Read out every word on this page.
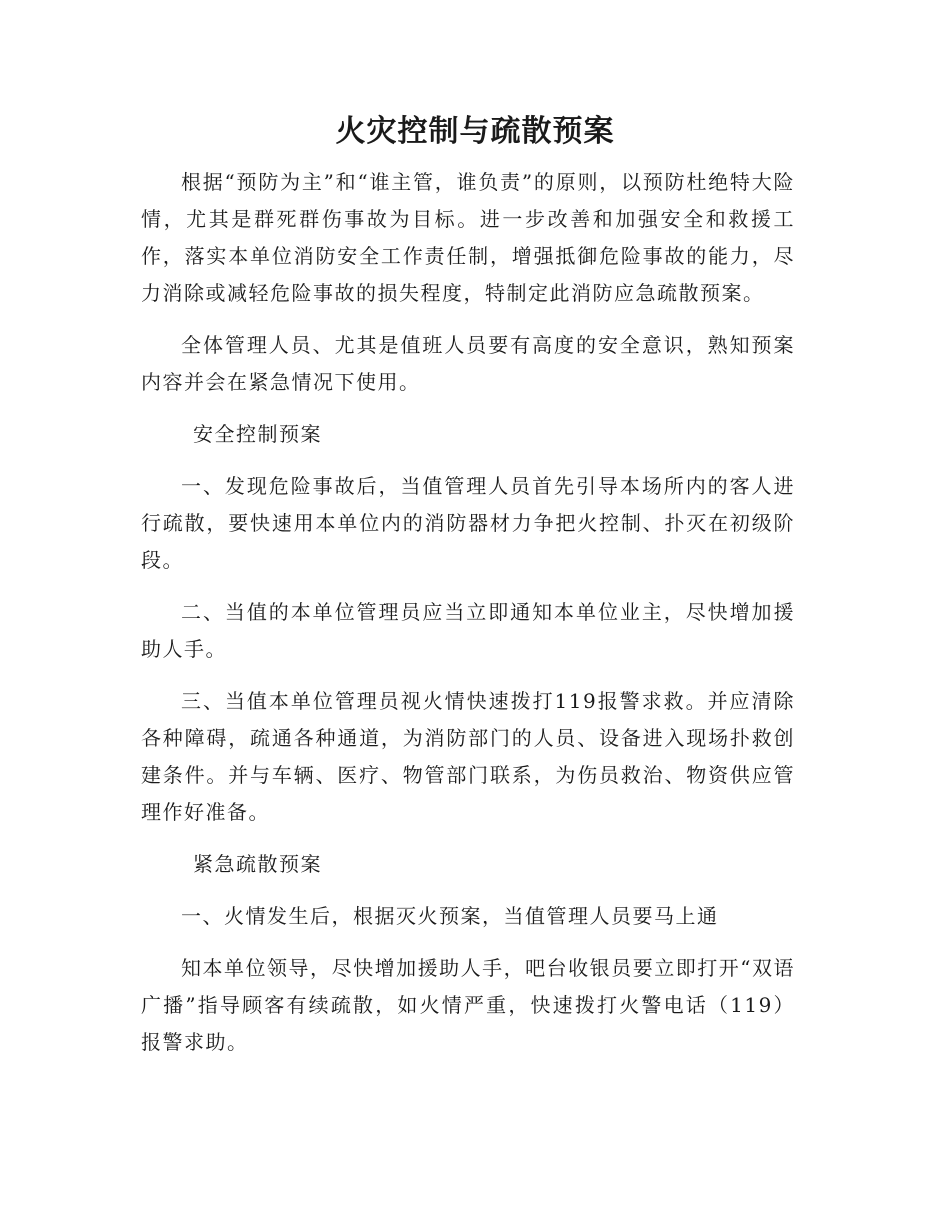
火灾控制与疏散预案

根据“预防为主”和“谁主管，谁负责”的原则，以预防杜绝特大险情，尤其是群死群伤事故为目标。进一步改善和加强安全和救援工作，落实本单位消防安全工作责任制，增强抵御危险事故的能力，尽力消除或减轻危险事故的损失程度，特制定此消防应急疏散预案。

全体管理人员、尤其是值班人员要有高度的安全意识，熟知预案内容并会在紧急情况下使用。

安全控制预案

一、发现危险事故后，当值管理人员首先引导本场所内的客人进行疏散，要快速用本单位内的消防器材力争把火控制、扑灭在初级阶段。

二、当值的本单位管理员应当立即通知本单位业主，尽快增加援助人手。

三、当值本单位管理员视火情快速拨打119报警求救。并应清除各种障碍，疏通各种通道，为消防部门的人员、设备进入现场扑救创建条件。并与车辆、医疗、物管部门联系，为伤员救治、物资供应管理作好准备。

紧急疏散预案

一、火情发生后，根据灭火预案，当值管理人员要马上通

知本单位领导，尽快增加援助人手，吧台收银员要立即打开“双语广播”指导顾客有续疏散，如火情严重，快速拨打火警电话（119）报警求助。
